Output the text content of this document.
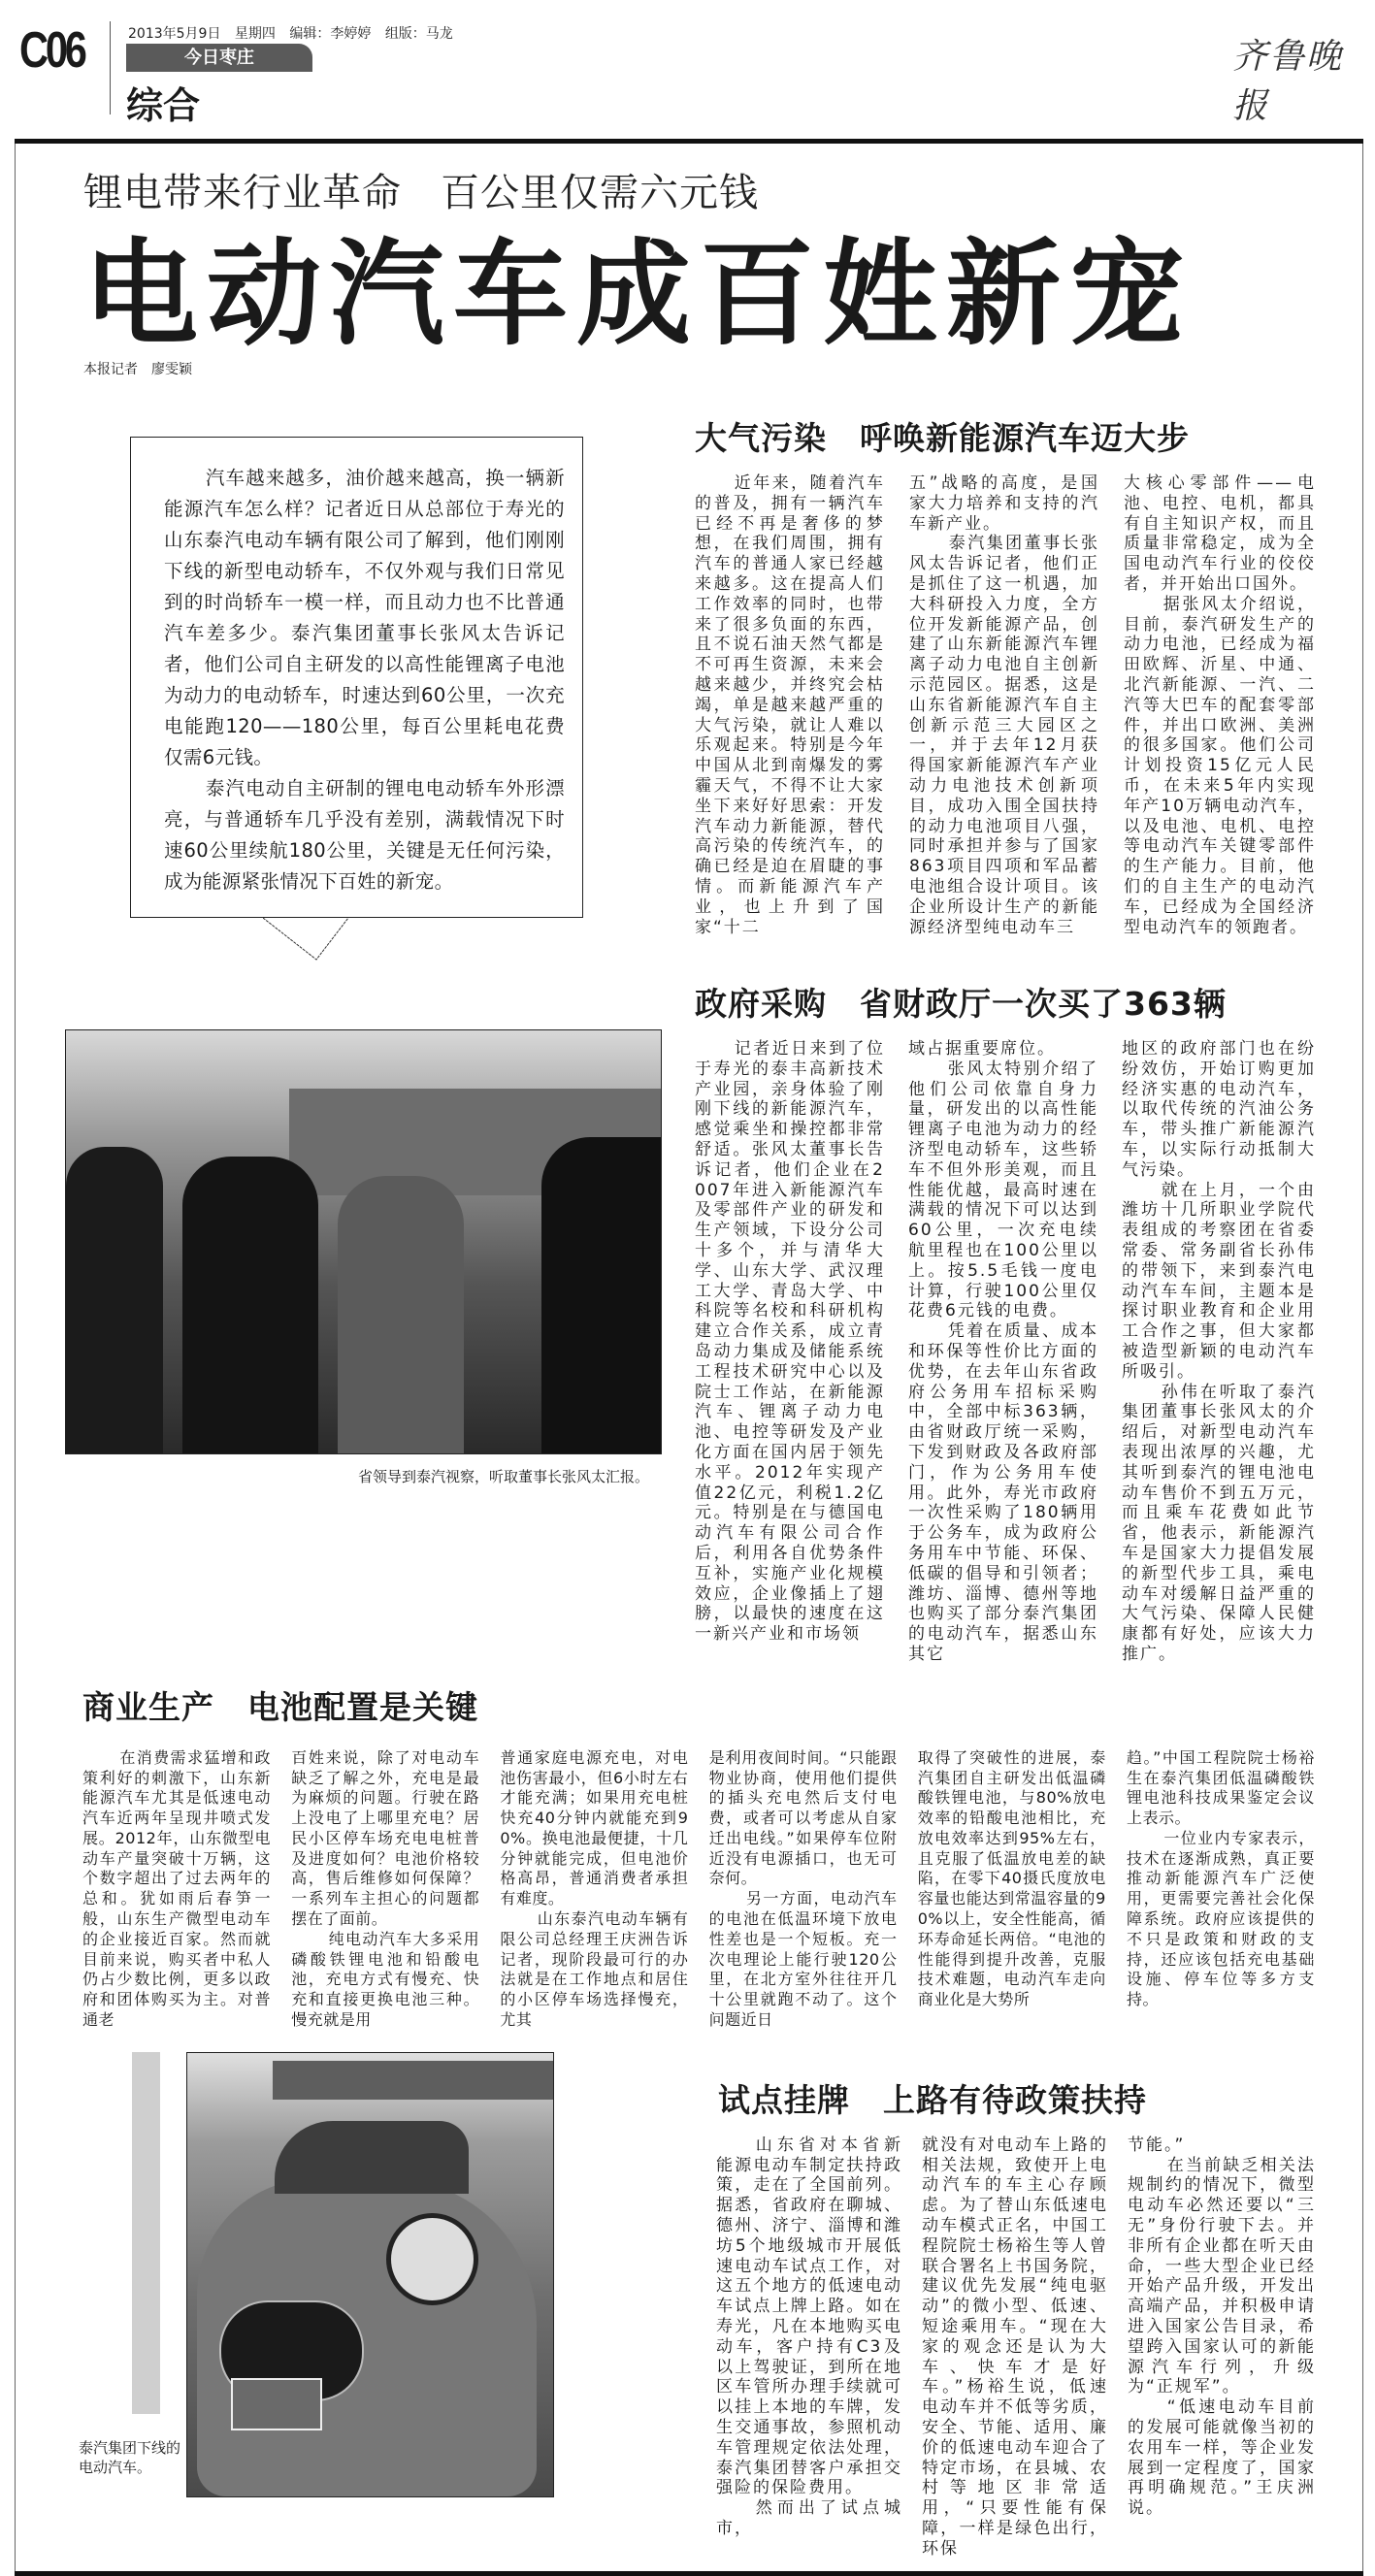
C06	2013年5月9日 星期四 编辑：李婷婷 组版：马龙
今日枣庄
综合
齐鲁晚报
锂电带来行业革命 百公里仅需六元钱
电动汽车成百姓新宠
本报记者 廖雯颖

汽车越来越多，油价越来越高，换一辆新能源汽车怎么样？记者近日从总部位于寿光的山东泰汽电动车辆有限公司了解到，他们刚刚下线的新型电动轿车，不仅外观与我们日常见到的时尚轿车一模一样，而且动力也不比普通汽车差多少。泰汽集团董事长张风太告诉记者，他们公司自主研发的以高性能锂离子电池为动力的电动轿车，时速达到60公里，一次充电能跑120——180公里，每百公里耗电花费仅需6元钱。

泰汽电动自主研制的锂电电动轿车外形漂亮，与普通轿车几乎没有差别，满载情况下时速60公里续航180公里，关键是无任何污染，成为能源紧张情况下百姓的新宠。

大气污染 呼唤新能源汽车迈大步

近年来，随着汽车的普及，拥有一辆汽车已经不再是奢侈的梦想，在我们周围，拥有汽车的普通人家已经越来越多。这在提高人们工作效率的同时，也带来了很多负面的东西，且不说石油天然气都是不可再生资源，未来会越来越少，并终究会枯竭，单是越来越严重的大气污染，就让人难以乐观起来。特别是今年中国从北到南爆发的雾霾天气，不得不让大家坐下来好好思索：开发汽车动力新能源，替代高污染的传统汽车，的确已经是迫在眉睫的事情。而新能源汽车产业，也上升到了国家“十二

五”战略的高度，是国家大力培养和支持的汽车新产业。

泰汽集团董事长张风太告诉记者，他们正是抓住了这一机遇，加大科研投入力度，全方位开发新能源产品，创建了山东新能源汽车锂离子动力电池自主创新示范园区。据悉，这是山东省新能源汽车自主创新示范三大园区之一，并于去年12月获得国家新能源汽车产业动力电池技术创新项目，成功入围全国扶持的动力电池项目八强，同时承担并参与了国家863项目四项和军品蓄电池组合设计项目。该企业所设计生产的新能源经济型纯电动车三

大核心零部件——电池、电控、电机，都具有自主知识产权，而且质量非常稳定，成为全国电动汽车行业的佼佼者，并开始出口国外。

据张风太介绍说，目前，泰汽研发生产的动力电池，已经成为福田欧辉、沂星、中通、北汽新能源、一汽、二汽等大巴车的配套零部件，并出口欧洲、美洲的很多国家。他们公司计划投资15亿元人民币，在未来5年内实现年产10万辆电动汽车，以及电池、电机、电控等电动汽车关键零部件的生产能力。目前，他们的自主生产的电动汽车，已经成为全国经济型电动汽车的领跑者。

省领导到泰汽视察，听取董事长张风太汇报。
政府采购 省财政厅一次买了363辆

记者近日来到了位于寿光的泰丰高新技术产业园，亲身体验了刚刚下线的新能源汽车，感觉乘坐和操控都非常舒适。张风太董事长告诉记者，他们企业在2007年进入新能源汽车及零部件产业的研发和生产领域，下设分公司十多个，并与清华大学、山东大学、武汉理工大学、青岛大学、中科院等名校和科研机构建立合作关系，成立青岛动力集成及储能系统工程技术研究中心以及院士工作站，在新能源汽车、锂离子动力电池、电控等研发及产业化方面在国内居于领先水平。2012年实现产值22亿元，利税1.2亿元。特别是在与德国电动汽车有限公司合作后，利用各自优势条件互补，实施产业化规模效应，企业像插上了翅膀，以最快的速度在这一新兴产业和市场领

域占据重要席位。

张风太特别介绍了他们公司依靠自身力量，研发出的以高性能锂离子电池为动力的经济型电动轿车，这些轿车不但外形美观，而且性能优越，最高时速在满载的情况下可以达到60公里，一次充电续航里程也在100公里以上。按5.5毛钱一度电计算，行驶100公里仅花费6元钱的电费。

凭着在质量、成本和环保等性价比方面的优势，在去年山东省政府公务用车招标采购中，全部中标363辆，由省财政厅统一采购，下发到财政及各政府部门，作为公务用车使用。此外，寿光市政府一次性采购了180辆用于公务车，成为政府公务用车中节能、环保、低碳的倡导和引领者；潍坊、淄博、德州等地也购买了部分泰汽集团的电动汽车，据悉山东其它

地区的政府部门也在纷纷效仿，开始订购更加经济实惠的电动汽车，以取代传统的汽油公务车，带头推广新能源汽车，以实际行动抵制大气污染。

就在上月，一个由潍坊十几所职业学院代表组成的考察团在省委常委、常务副省长孙伟的带领下，来到泰汽电动汽车车间，主题本是探讨职业教育和企业用工合作之事，但大家都被造型新颖的电动汽车所吸引。

孙伟在听取了泰汽集团董事长张风太的介绍后，对新型电动汽车表现出浓厚的兴趣，尤其听到泰汽的锂电池电动车售价不到五万元，而且乘车花费如此节省，他表示，新能源汽车是国家大力提倡发展的新型代步工具，乘电动车对缓解日益严重的大气污染、保障人民健康都有好处，应该大力推广。

商业生产 电池配置是关键

在消费需求猛增和政策利好的刺激下，山东新能源汽车尤其是低速电动汽车近两年呈现井喷式发展。2012年，山东微型电动车产量突破十万辆，这个数字超出了过去两年的总和。犹如雨后春笋一般，山东生产微型电动车的企业接近百家。然而就目前来说，购买者中私人仍占少数比例，更多以政府和团体购买为主。对普通老

百姓来说，除了对电动车缺乏了解之外，充电是最为麻烦的问题。行驶在路上没电了上哪里充电？居民小区停车场充电电桩普及进度如何？电池价格较高，售后维修如何保障？一系列车主担心的问题都摆在了面前。

纯电动汽车大多采用磷酸铁锂电池和铅酸电池，充电方式有慢充、快充和直接更换电池三种。慢充就是用

普通家庭电源充电，对电池伤害最小，但6小时左右才能充满；如果用充电桩快充40分钟内就能充到90%。换电池最便捷，十几分钟就能完成，但电池价格高昂，普通消费者承担有难度。

山东泰汽电动车辆有限公司总经理王庆洲告诉记者，现阶段最可行的办法就是在工作地点和居住的小区停车场选择慢充，尤其

是利用夜间时间。“只能跟物业协商，使用他们提供的插头充电然后支付电费，或者可以考虑从自家迁出电线。”如果停车位附近没有电源插口，也无可奈何。

另一方面，电动汽车的电池在低温环境下放电性差也是一个短板。充一次电理论上能行驶120公里，在北方室外往往开几十公里就跑不动了。这个问题近日

取得了突破性的进展，泰汽集团自主研发出低温磷酸铁锂电池，与80%放电效率的铅酸电池相比，充放电效率达到95%左右，且克服了低温放电差的缺陷，在零下40摄氏度放电容量也能达到常温容量的90%以上，安全性能高，循环寿命延长两倍。“电池的性能得到提升改善，克服技术难题，电动汽车走向商业化是大势所

趋。”中国工程院院士杨裕生在泰汽集团低温磷酸铁锂电池科技成果鉴定会议上表示。

一位业内专家表示，技术在逐渐成熟，真正要推动新能源汽车广泛使用，更需要完善社会化保障系统。政府应该提供的不只是政策和财政的支持，还应该包括充电基础设施、停车位等多方支持。

泰汽集团下线的电动汽车。
试点挂牌 上路有待政策扶持

山东省对本省新能源电动车制定扶持政策，走在了全国前列。据悉，省政府在聊城、德州、济宁、淄博和潍坊5个地级城市开展低速电动车试点工作，对这五个地方的低速电动车试点上牌上路。如在寿光，凡在本地购买电动车，客户持有C3及以上驾驶证，到所在地区车管所办理手续就可以挂上本地的车牌，发生交通事故，参照机动车管理规定依法处理，泰汽集团替客户承担交强险的保险费用。

然而出了试点城市，

就没有对电动车上路的相关法规，致使开上电动汽车的车主心存顾虑。为了替山东低速电动车模式正名，中国工程院院士杨裕生等人曾联合署名上书国务院，建议优先发展“纯电驱动”的微小型、低速、短途乘用车。“现在大家的观念还是认为大车、快车才是好车。”杨裕生说，低速电动车并不低等劣质，安全、节能、适用、廉价的低速电动车迎合了特定市场，在县城、农村等地区非常适用，“只要性能有保障，一样是绿色出行，环保

节能。”

在当前缺乏相关法规制约的情况下，微型电动车必然还要以“三无”身份行驶下去。并非所有企业都在听天由命，一些大型企业已经开始产品升级，开发出高端产品，并积极申请进入国家公告目录，希望跨入国家认可的新能源汽车行列，升级为“正规军”。

“低速电动车目前的发展可能就像当初的农用车一样，等企业发展到一定程度了，国家再明确规范。”王庆洲说。
